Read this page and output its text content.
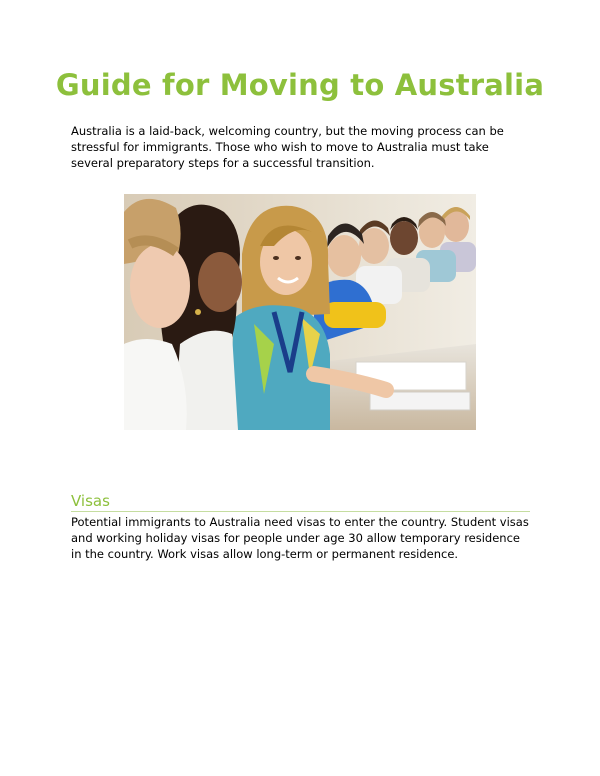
Guide for Moving to Australia

Australia is a laid-back, welcoming country, but the moving process can be stressful for immigrants. Those who wish to move to Australia must take several preparatory steps for a successful transition.

Visas

Potential immigrants to Australia need visas to enter the country. Student visas and working holiday visas for people under age 30 allow temporary residence in the country. Work visas allow long-term or permanent residence.
